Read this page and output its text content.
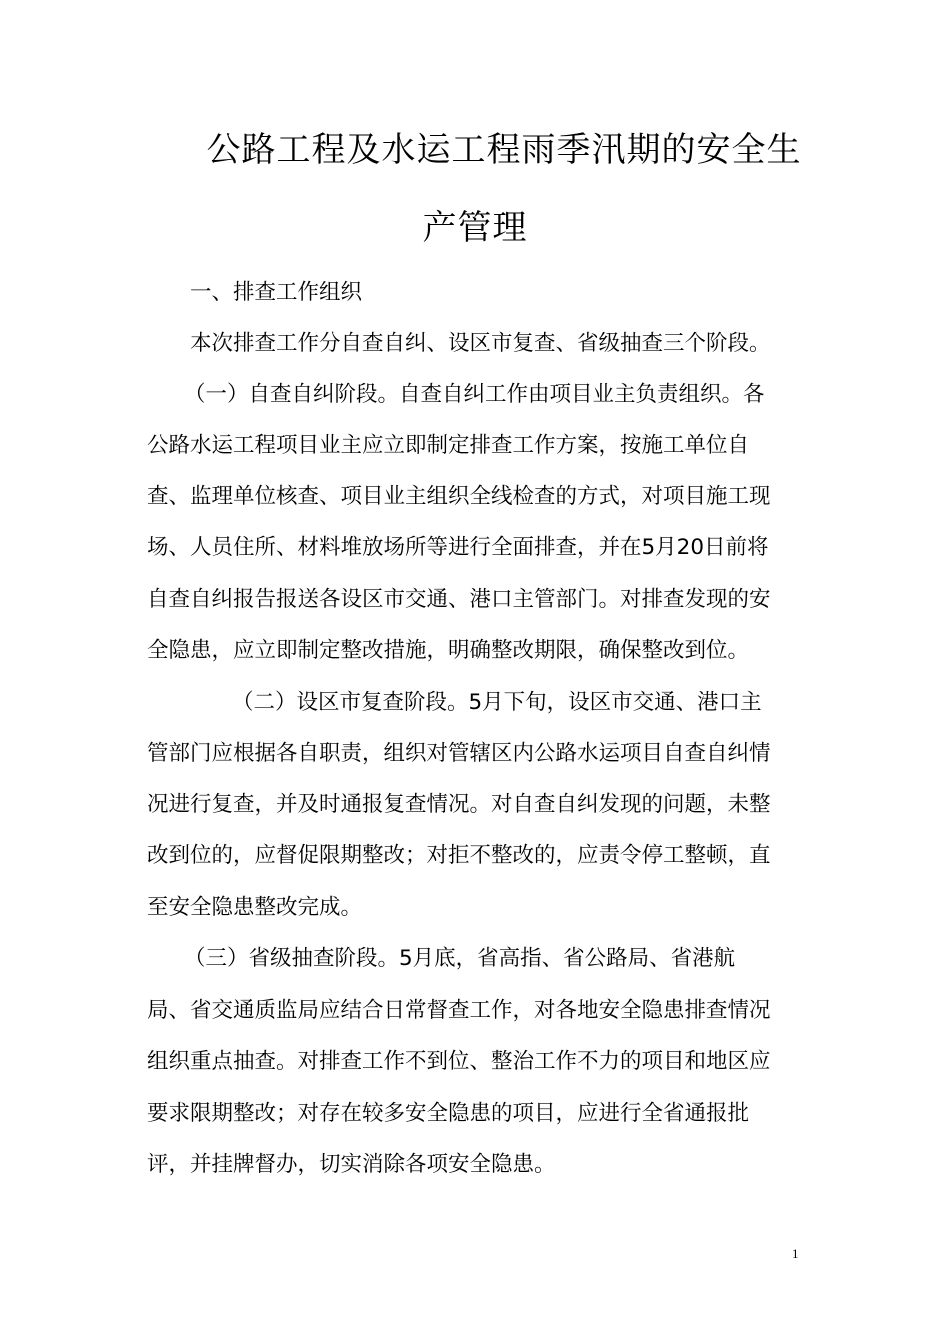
公路工程及水运工程雨季汛期的安全生
产管理
一、排查工作组织
本次排查工作分自查自纠、设区市复查、省级抽查三个阶段。
（一）自查自纠阶段。自查自纠工作由项目业主负责组织。各
公路水运工程项目业主应立即制定排查工作方案，按施工单位自
查、监理单位核查、项目业主组织全线检查的方式，对项目施工现
场、人员住所、材料堆放场所等进行全面排查，并在5月20日前将
自查自纠报告报送各设区市交通、港口主管部门。对排查发现的安
全隐患，应立即制定整改措施，明确整改期限，确保整改到位。
（二）设区市复查阶段。5月下旬，设区市交通、港口主
管部门应根据各自职责，组织对管辖区内公路水运项目自查自纠情
况进行复查，并及时通报复查情况。对自查自纠发现的问题，未整
改到位的，应督促限期整改；对拒不整改的，应责令停工整顿，直
至安全隐患整改完成。
（三）省级抽查阶段。5月底，省高指、省公路局、省港航
局、省交通质监局应结合日常督查工作，对各地安全隐患排查情况
组织重点抽查。对排查工作不到位、整治工作不力的项目和地区应
要求限期整改；对存在较多安全隐患的项目，应进行全省通报批
评，并挂牌督办，切实消除各项安全隐患。
1
